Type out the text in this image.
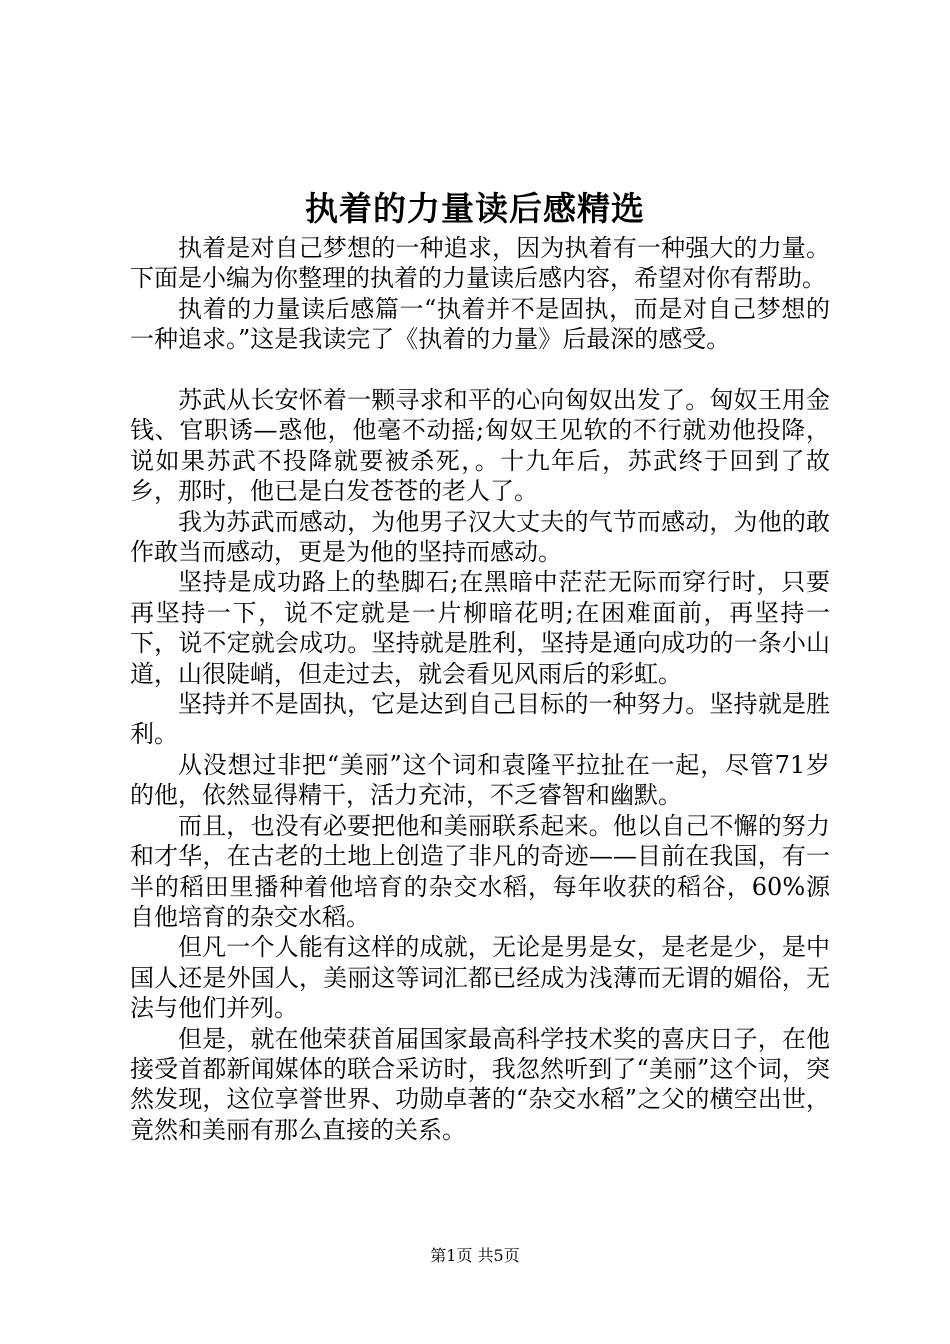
执着的力量读后感精选

执着是对自己梦想的一种追求，因为执着有一种强大的力量。下面是小编为你整理的执着的力量读后感内容，希望对你有帮助。

执着的力量读后感篇一“执着并不是固执，而是对自己梦想的一种追求。”这是我读完了《执着的力量》后最深的感受。

苏武从长安怀着一颗寻求和平的心向匈奴出发了。匈奴王用金钱、官职诱—惑他，他毫不动摇;匈奴王见软的不行就劝他投降，说如果苏武不投降就要被杀死，。十九年后，苏武终于回到了故乡，那时，他已是白发苍苍的老人了。

我为苏武而感动，为他男子汉大丈夫的气节而感动，为他的敢作敢当而感动，更是为他的坚持而感动。

坚持是成功路上的垫脚石;在黑暗中茫茫无际而穿行时，只要再坚持一下，说不定就是一片柳暗花明;在困难面前，再坚持一下，说不定就会成功。坚持就是胜利，坚持是通向成功的一条小山道，山很陡峭，但走过去，就会看见风雨后的彩虹。

坚持并不是固执，它是达到自己目标的一种努力。坚持就是胜利。

从没想过非把“美丽”这个词和袁隆平拉扯在一起，尽管71岁的他，依然显得精干，活力充沛，不乏睿智和幽默。

而且，也没有必要把他和美丽联系起来。他以自己不懈的努力和才华，在古老的土地上创造了非凡的奇迹——目前在我国，有一半的稻田里播种着他培育的杂交水稻，每年收获的稻谷，60%源自他培育的杂交水稻。

但凡一个人能有这样的成就，无论是男是女，是老是少，是中国人还是外国人，美丽这等词汇都已经成为浅薄而无谓的媚俗，无法与他们并列。

但是，就在他荣获首届国家最高科学技术奖的喜庆日子，在他接受首都新闻媒体的联合采访时，我忽然听到了“美丽”这个词，突然发现，这位享誉世界、功勋卓著的“杂交水稻”之父的横空出世，竟然和美丽有那么直接的关系。

第1页 共5页
